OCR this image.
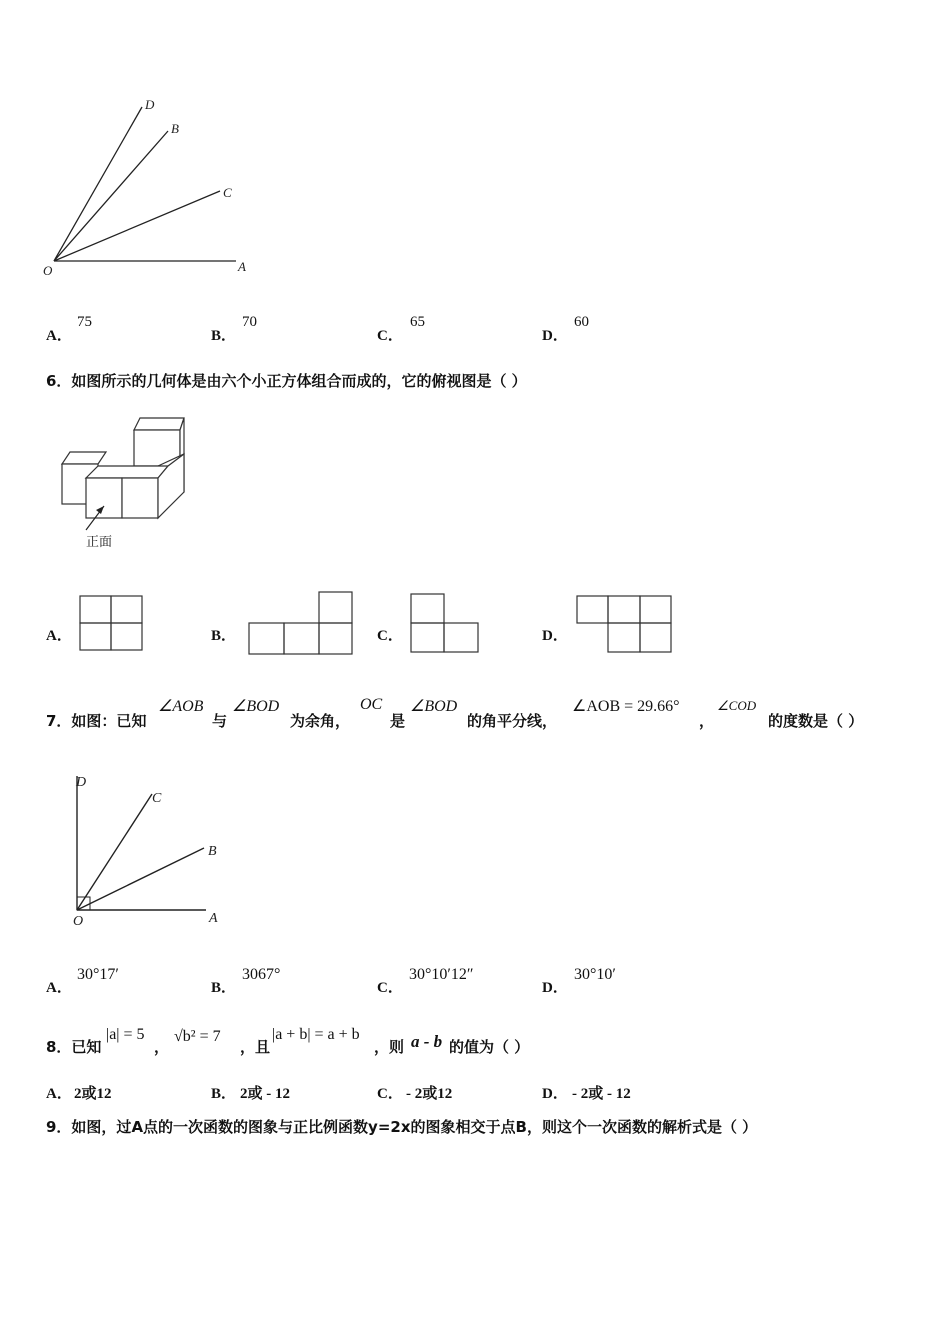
D
B
C
O	A
A．
75
B．
70
C．
65
D．
60
6．如图所示的几何体是由六个小正方体组合而成的，它的俯视图是（ ）
正面
A．	B．	C．	D．
7．如图：已知
∠AOB
与
∠BOD
为余角，
OC
是
∠BOD
的角平分线，
∠AOB = 29.66°
，
∠COD
的度数是（ ）
D
C
B
O	A
A．
30°17′
B．
3067°
C．
30°10′12″
D．
30°10′
8．已知
|a| = 5
，
√b² = 7
，且
|a + b| = a + b
，则 a - b 的值为（ ）
A． 2或12	B． 2或 - 12	C． - 2或12	D． - 2或 - 12
9．如图，过A点的一次函数的图象与正比例函数y=2x的图象相交于点B，则这个一次函数的解析式是（ ）
